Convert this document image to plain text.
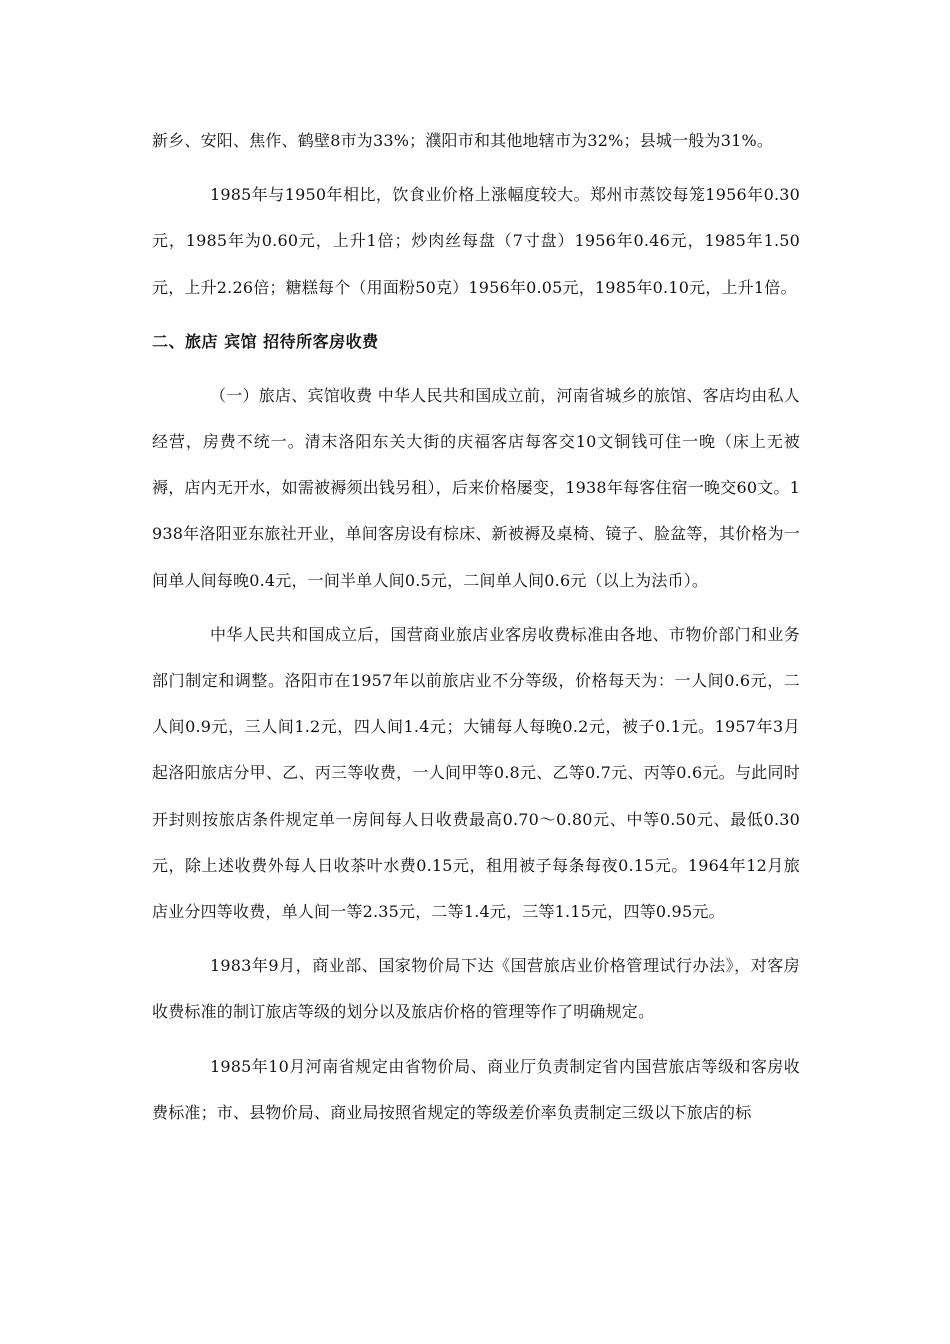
新乡、安阳、焦作、鹤壁8市为33%；濮阳市和其他地辖市为32%；县城一般为31%。

1985年与1950年相比，饮食业价格上涨幅度较大。郑州市蒸饺每笼1956年0.30元，1985年为0.60元，上升1倍；炒肉丝每盘（7寸盘）1956年0.46元，1985年1.50元，上升2.26倍；糖糕每个（用面粉50克）1956年0.05元，1985年0.10元，上升1倍。

二、旅店 宾馆 招待所客房收费

（一）旅店、宾馆收费 中华人民共和国成立前，河南省城乡的旅馆、客店均由私人经营，房费不统一。清末洛阳东关大街的庆福客店每客交10文铜钱可住一晚（床上无被褥，店内无开水，如需被褥须出钱另租），后来价格屡变，1938年每客住宿一晚交60文。1938年洛阳亚东旅社开业，单间客房设有棕床、新被褥及桌椅、镜子、脸盆等，其价格为一间单人间每晚0.4元，一间半单人间0.5元，二间单人间0.6元（以上为法币）。

中华人民共和国成立后，国营商业旅店业客房收费标准由各地、市物价部门和业务部门制定和调整。洛阳市在1957年以前旅店业不分等级，价格每天为：一人间0.6元，二人间0.9元，三人间1.2元，四人间1.4元；大铺每人每晚0.2元，被子0.1元。1957年3月起洛阳旅店分甲、乙、丙三等收费，一人间甲等0.8元、乙等0.7元、丙等0.6元。与此同时开封则按旅店条件规定单一房间每人日收费最高0.70～0.80元、中等0.50元、最低0.30元，除上述收费外每人日收茶叶水费0.15元，租用被子每条每夜0.15元。1964年12月旅店业分四等收费，单人间一等2.35元，二等1.4元，三等1.15元，四等0.95元。

1983年9月，商业部、国家物价局下达《国营旅店业价格管理试行办法》，对客房收费标准的制订旅店等级的划分以及旅店价格的管理等作了明确规定。

1985年10月河南省规定由省物价局、商业厅负责制定省内国营旅店等级和客房收费标准；市、县物价局、商业局按照省规定的等级差价率负责制定三级以下旅店的标
